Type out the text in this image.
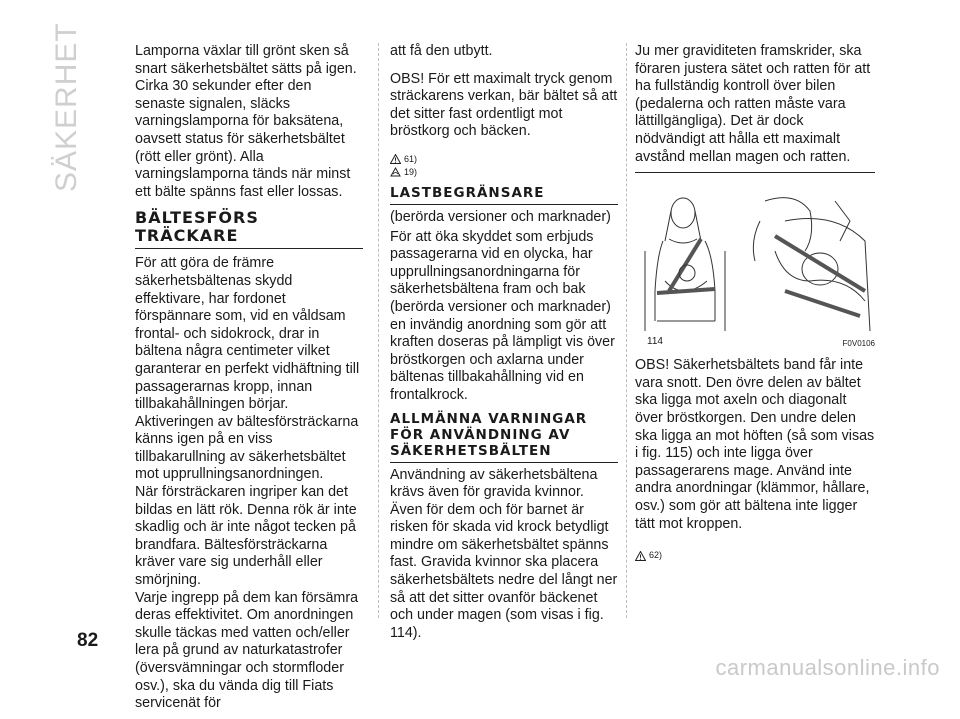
SÄKERHET	Lamporna växlar till grönt sken så snart säkerhetsbältet sätts på igen. Cirka 30 sekunder efter den senaste signalen, släcks varningslamporna för baksätena, oavsett status för säkerhetsbältet (rött eller grönt). Alla varningslamporna tänds när minst ett bälte spänns fast eller lossas.

BÄLTESFÖRS TRÄCKARE

För att göra de främre säkerhetsbältenas skydd effektivare, har fordonet förspännare som, vid en våldsam frontal- och sidokrock, drar in bältena några centimeter vilket garanterar en perfekt vidhäftning till passagerarnas kropp, innan tillbakahållningen börjar.

Aktiveringen av bältesförsträckarna känns igen på en viss tillbakarullning av säkerhetsbältet mot upprullningsanordningen.

När försträckaren ingriper kan det bildas en lätt rök. Denna rök är inte skadlig och är inte något tecken på brandfara. Bältesförsträckarna kräver vare sig underhåll eller smörjning.

Varje ingrepp på dem kan försämra deras effektivitet. Om anordningen skulle täckas med vatten och/eller lera på grund av naturkatastrofer (översvämningar och stormfloder osv.), ska du vända dig till Fiats servicenät för

att få den utbytt.

OBS! För ett maximalt tryck genom sträckarens verkan, bär bältet så att det sitter fast ordentligt mot bröstkorg och bäcken.

61)
19)
LASTBEGRÄNSARE

(berörda versioner och marknader)

För att öka skyddet som erbjuds passagerarna vid en olycka, har upprullningsanordningarna för säkerhetsbältena fram och bak (berörda versioner och marknader) en invändig anordning som gör att kraften doseras på lämpligt vis över bröstkorgen och axlarna under bältenas tillbakahållning vid en frontalkrock.

ALLMÄNNA VARNINGAR FÖR ANVÄNDNING AV SÄKERHETSBÄLTEN

Användning av säkerhetsbältena krävs även för gravida kvinnor. Även för dem och för barnet är risken för skada vid krock betydligt mindre om säkerhetsbältet spänns fast. Gravida kvinnor ska placera säkerhetsbältets nedre del långt ner så att det sitter ovanför bäckenet och under magen (som visas i fig. 114).

Ju mer graviditeten framskrider, ska föraren justera sätet och ratten för att ha fullständig kontroll över bilen (pedalerna och ratten måste vara lättillgängliga). Det är dock nödvändigt att hålla ett maximalt avstånd mellan magen och ratten.

114	F0V0106

OBS! Säkerhetsbältets band får inte vara snott. Den övre delen av bältet ska ligga mot axeln och diagonalt över bröstkorgen. Den undre delen ska ligga an mot höften (så som visas i fig. 115) och inte ligga över passagerarens mage. Använd inte andra anordningar (klämmor, hållare, osv.) som gör att bältena inte ligger tätt mot kroppen.

62)
82
carmanualsonline.info
